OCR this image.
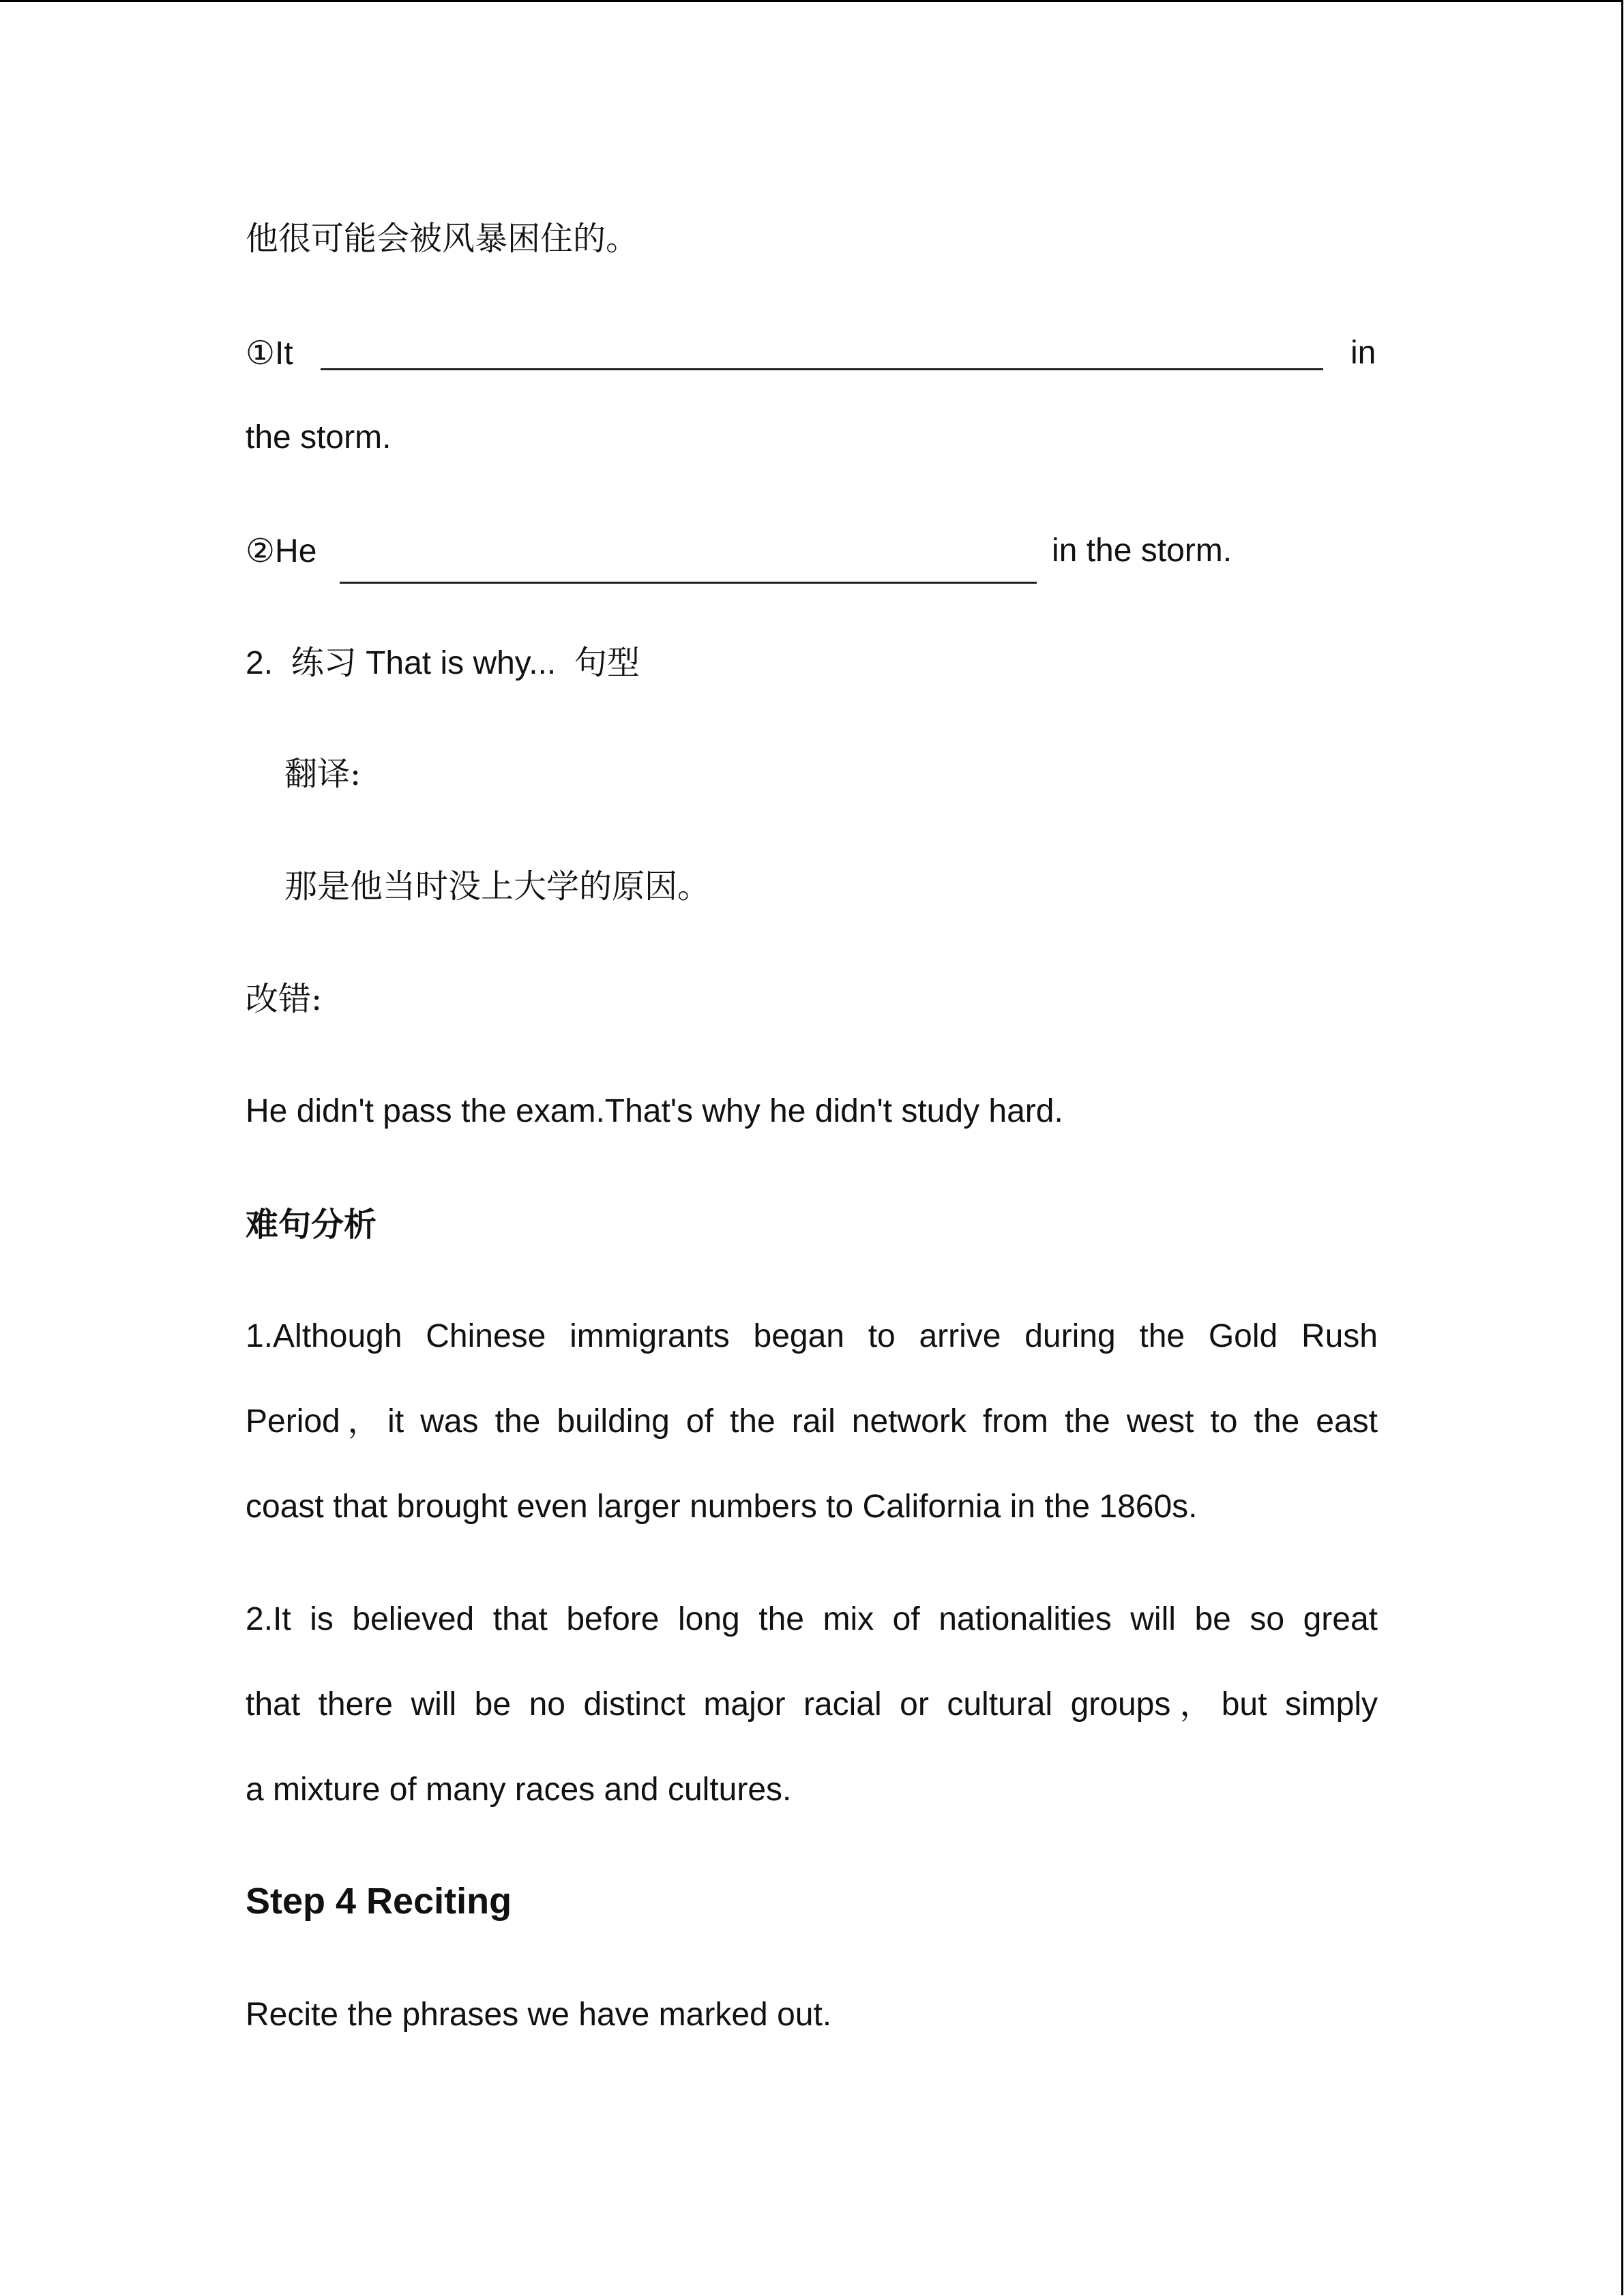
他很可能会被风暴困住的。
①It	in
the storm.
②He	in the storm.
2. 练习 That is why... 句型
翻译:
那是他当时没上大学的原因。
改错:
He didn't pass the exam.That's why he didn't study hard.
难句分析
1.Although Chinese immigrants began to arrive during the Gold Rush
Period，it was the building of the rail network from the west to the east
coast that brought even larger numbers to California in the 1860s.
2.It is believed that before long the mix of nationalities will be so great
that there will be no distinct major racial or cultural groups，but simply
a mixture of many races and cultures.
Step 4 Reciting
Recite the phrases we have marked out.
